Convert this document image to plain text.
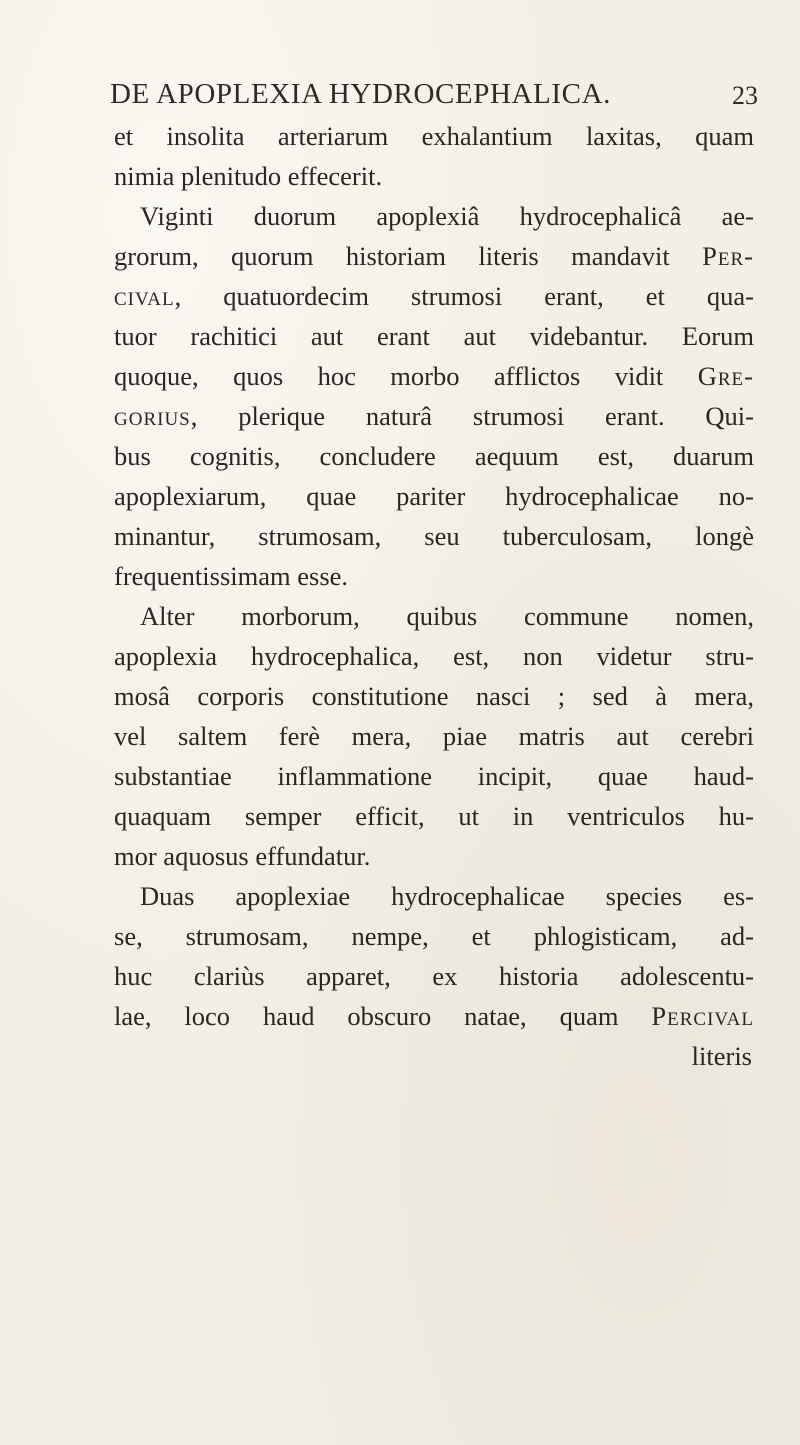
DE APOPLEXIA HYDROCEPHALICA.	23
et insolita arteriarum exhalantium laxitas, quam
nimia plenitudo effecerit.
Viginti duorum apoplexiâ hydrocephalicâ ae-
grorum, quorum historiam literis mandavit Per-
cival, quatuordecim strumosi erant, et qua-
tuor rachitici aut erant aut videbantur. Eorum
quoque, quos hoc morbo afflictos vidit Gre-
gorius, plerique naturâ strumosi erant. Qui-
bus cognitis, concludere aequum est, duarum
apoplexiarum, quae pariter hydrocephalicae no-
minantur, strumosam, seu tuberculosam, longè
frequentissimam esse.
Alter morborum, quibus commune nomen,
apoplexia hydrocephalica, est, non videtur stru-
mosâ corporis constitutione nasci ; sed à mera,
vel saltem ferè mera, piae matris aut cerebri
substantiae inflammatione incipit, quae haud-
quaquam semper efficit, ut in ventriculos hu-
mor aquosus effundatur.
Duas apoplexiae hydrocephalicae species es-
se, strumosam, nempe, et phlogisticam, ad-
huc clariùs apparet, ex historia adolescentu-
lae, loco haud obscuro natae, quam Percival
literis
